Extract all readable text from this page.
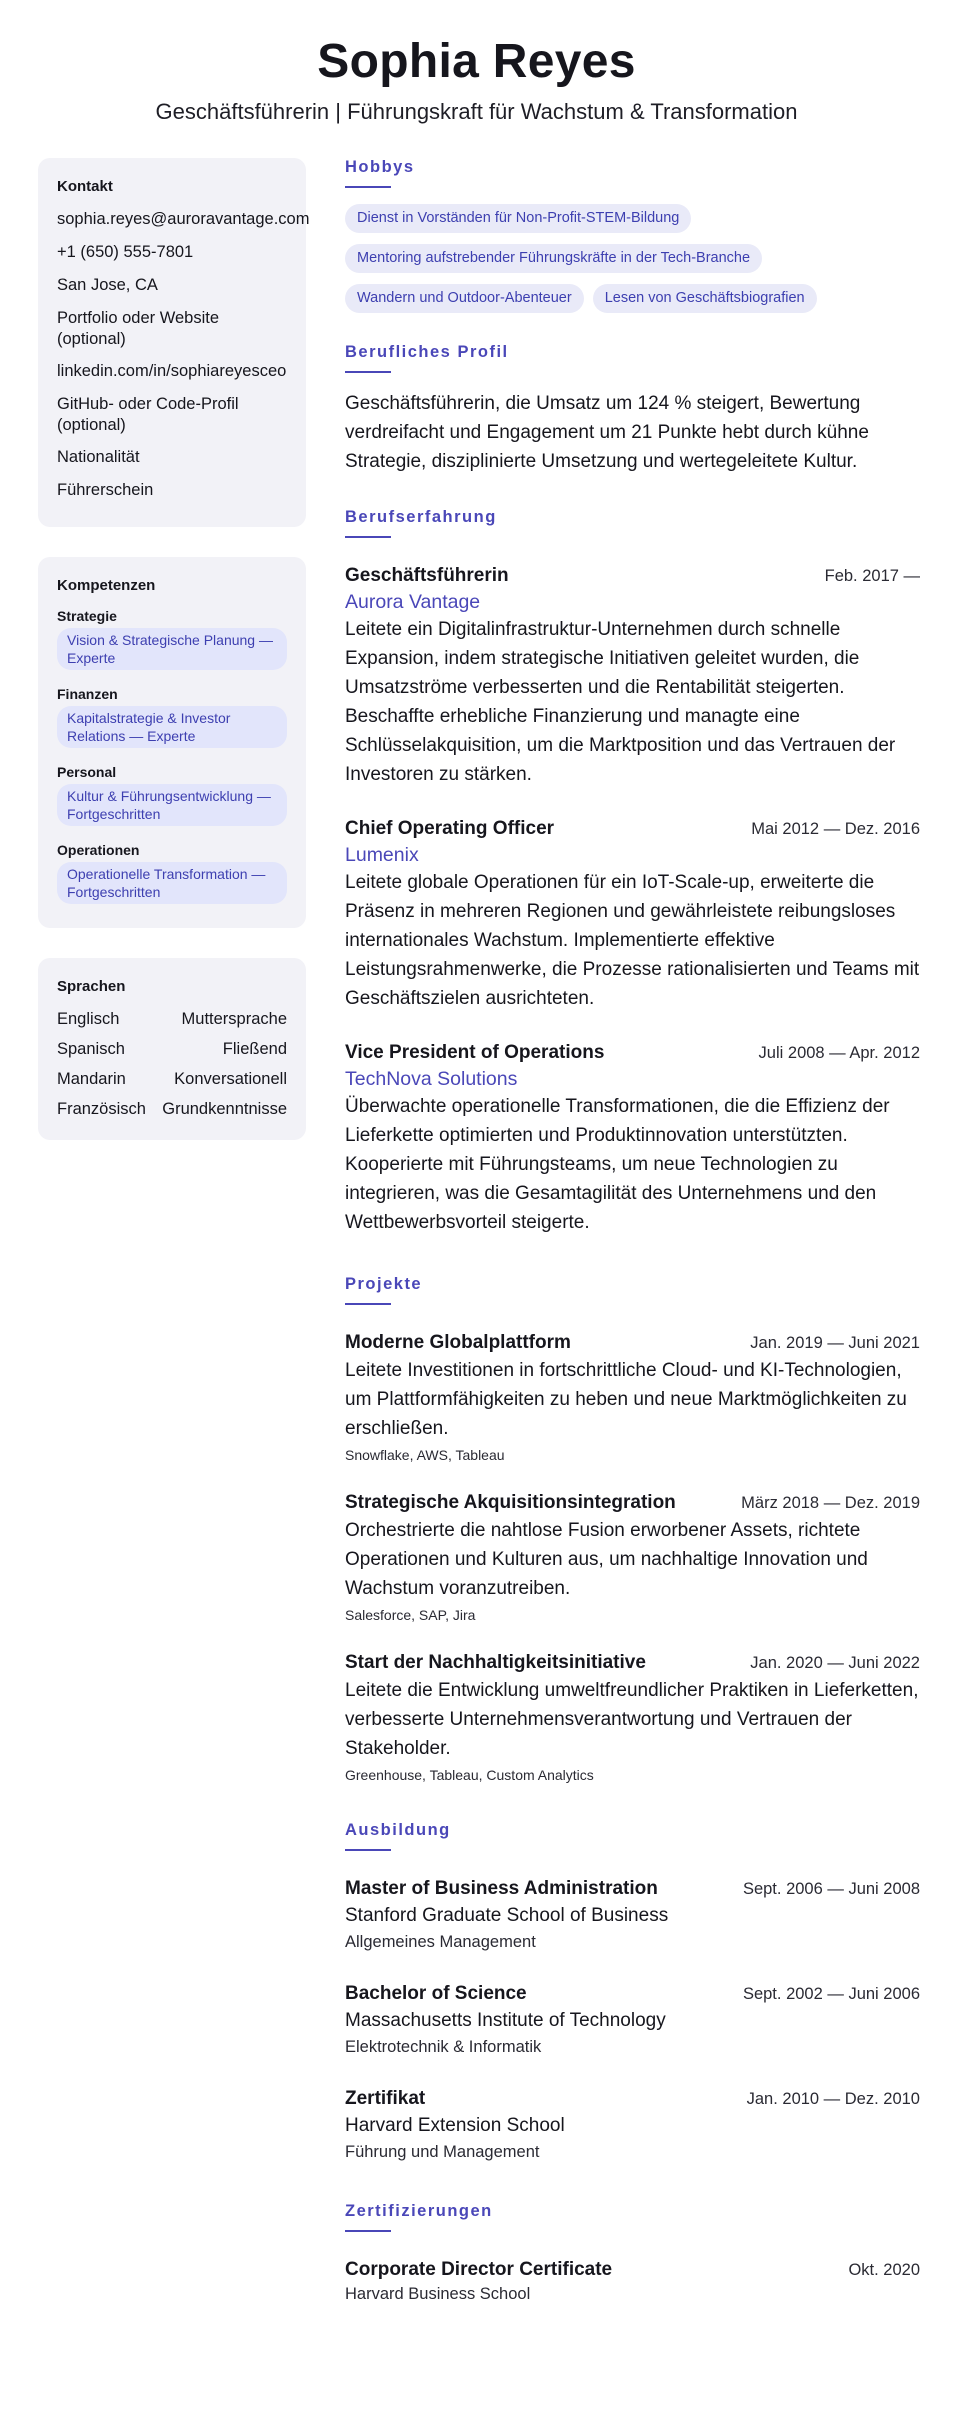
Sophia Reyes
Geschäftsführerin | Führungskraft für Wachstum & Transformation
Kontakt
sophia.reyes@auroravantage.com
+1 (650) 555-7801
San Jose, CA
Portfolio oder Website (optional)
linkedin.com/in/sophiareyesceo
GitHub- oder Code-Profil (optional)
Nationalität
Führerschein
Kompetenzen
Strategie
Vision & Strategische Planung — Experte
Finanzen
Kapitalstrategie & Investor Relations — Experte
Personal
Kultur & Führungsentwicklung — Fortgeschritten
Operationen
Operationelle Transformation — Fortgeschritten
Sprachen
Englisch	Muttersprache
Spanisch	Fließend
Mandarin	Konversationell
Französisch Grundkenntnisse
Hobbys
Dienst in Vorständen für Non-Profit-STEM-Bildung
Mentoring aufstrebender Führungskräfte in der Tech-Branche
Wandern und Outdoor-Abenteuer	Lesen von Geschäftsbiografien
Berufliches Profil

Geschäftsführerin, die Umsatz um 124 % steigert, Bewertung verdreifacht und Engagement um 21 Punkte hebt durch kühne Strategie, disziplinierte Umsetzung und wertegeleitete Kultur.

Berufserfahrung
Geschäftsführerin	Feb. 2017 —
Aurora Vantage
Leitete ein Digitalinfrastruktur-Unternehmen durch schnelle Expansion, indem strategische Initiativen geleitet wurden, die Umsatzströme verbesserten und die Rentabilität steigerten. Beschaffte erhebliche Finanzierung und managte eine Schlüsselakquisition, um die Marktposition und das Vertrauen der Investoren zu stärken.
Chief Operating Officer	Mai 2012 — Dez. 2016
Lumenix
Leitete globale Operationen für ein IoT-Scale-up, erweiterte die Präsenz in mehreren Regionen und gewährleistete reibungsloses internationales Wachstum. Implementierte effektive Leistungsrahmenwerke, die Prozesse rationalisierten und Teams mit Geschäftszielen ausrichteten.
Vice President of Operations	Juli 2008 — Apr. 2012
TechNova Solutions
Überwachte operationelle Transformationen, die die Effizienz der Lieferkette optimierten und Produktinnovation unterstützten. Kooperierte mit Führungsteams, um neue Technologien zu integrieren, was die Gesamtagilität des Unternehmens und den Wettbewerbsvorteil steigerte.
Projekte
Moderne Globalplattform	Jan. 2019 — Juni 2021
Leitete Investitionen in fortschrittliche Cloud- und KI-Technologien, um Plattformfähigkeiten zu heben und neue Marktmöglichkeiten zu erschließen.
Snowflake, AWS, Tableau
Strategische Akquisitionsintegration	März 2018 — Dez. 2019
Orchestrierte die nahtlose Fusion erworbener Assets, richtete Operationen und Kulturen aus, um nachhaltige Innovation und Wachstum voranzutreiben.
Salesforce, SAP, Jira
Start der Nachhaltigkeitsinitiative	Jan. 2020 — Juni 2022
Leitete die Entwicklung umweltfreundlicher Praktiken in Lieferketten, verbesserte Unternehmensverantwortung und Vertrauen der Stakeholder.
Greenhouse, Tableau, Custom Analytics
Ausbildung
Master of Business Administration	Sept. 2006 — Juni 2008
Stanford Graduate School of Business
Allgemeines Management
Bachelor of Science	Sept. 2002 — Juni 2006
Massachusetts Institute of Technology
Elektrotechnik & Informatik
Zertifikat	Jan. 2010 — Dez. 2010
Harvard Extension School
Führung und Management
Zertifizierungen
Corporate Director Certificate	Okt. 2020
Harvard Business School
